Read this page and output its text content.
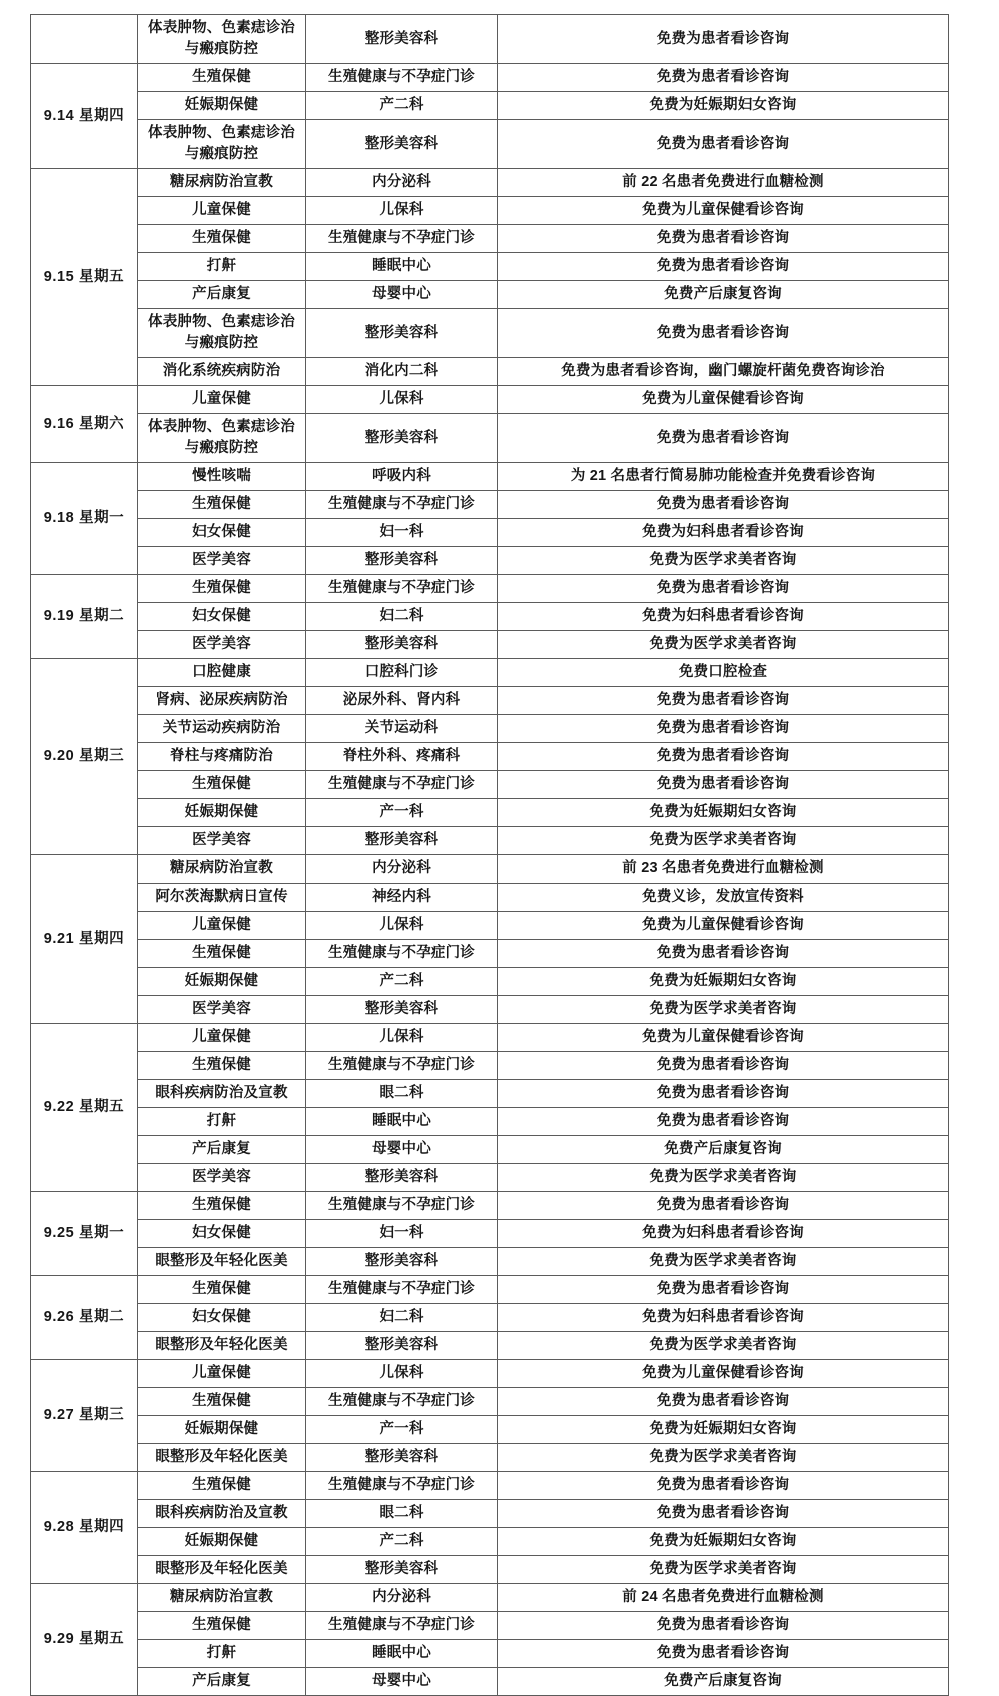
	体表肿物、色素痣诊治与瘢痕防控	整形美容科	免费为患者看诊咨询
9.14 星期四	生殖保健	生殖健康与不孕症门诊	免费为患者看诊咨询
	妊娠期保健	产二科	免费为妊娠期妇女咨询
	体表肿物、色素痣诊治与瘢痕防控	整形美容科	免费为患者看诊咨询
9.15 星期五	糖尿病防治宣教	内分泌科	前 22 名患者免费进行血糖检测
	儿童保健	儿保科	免费为儿童保健看诊咨询
	生殖保健	生殖健康与不孕症门诊	免费为患者看诊咨询
	打鼾	睡眠中心	免费为患者看诊咨询
	产后康复	母婴中心	免费产后康复咨询
	体表肿物、色素痣诊治与瘢痕防控	整形美容科	免费为患者看诊咨询
	消化系统疾病防治	消化内二科	免费为患者看诊咨询，幽门螺旋杆菌免费咨询诊治
9.16 星期六	儿童保健	儿保科	免费为儿童保健看诊咨询
	体表肿物、色素痣诊治与瘢痕防控	整形美容科	免费为患者看诊咨询
9.18 星期一	慢性咳喘	呼吸内科	为 21 名患者行简易肺功能检查并免费看诊咨询
	生殖保健	生殖健康与不孕症门诊	免费为患者看诊咨询
	妇女保健	妇一科	免费为妇科患者看诊咨询
	医学美容	整形美容科	免费为医学求美者咨询
9.19 星期二	生殖保健	生殖健康与不孕症门诊	免费为患者看诊咨询
	妇女保健	妇二科	免费为妇科患者看诊咨询
	医学美容	整形美容科	免费为医学求美者咨询
9.20 星期三	口腔健康	口腔科门诊	免费口腔检查
	肾病、泌尿疾病防治	泌尿外科、肾内科	免费为患者看诊咨询
	关节运动疾病防治	关节运动科	免费为患者看诊咨询
	脊柱与疼痛防治	脊柱外科、疼痛科	免费为患者看诊咨询
	生殖保健	生殖健康与不孕症门诊	免费为患者看诊咨询
	妊娠期保健	产一科	免费为妊娠期妇女咨询
	医学美容	整形美容科	免费为医学求美者咨询
9.21 星期四	糖尿病防治宣教	内分泌科	前 23 名患者免费进行血糖检测
	阿尔茨海默病日宣传	神经内科	免费义诊，发放宣传资料
	儿童保健	儿保科	免费为儿童保健看诊咨询
	生殖保健	生殖健康与不孕症门诊	免费为患者看诊咨询
	妊娠期保健	产二科	免费为妊娠期妇女咨询
	医学美容	整形美容科	免费为医学求美者咨询
9.22 星期五	儿童保健	儿保科	免费为儿童保健看诊咨询
	生殖保健	生殖健康与不孕症门诊	免费为患者看诊咨询
	眼科疾病防治及宣教	眼二科	免费为患者看诊咨询
	打鼾	睡眠中心	免费为患者看诊咨询
	产后康复	母婴中心	免费产后康复咨询
	医学美容	整形美容科	免费为医学求美者咨询
9.25 星期一	生殖保健	生殖健康与不孕症门诊	免费为患者看诊咨询
	妇女保健	妇一科	免费为妇科患者看诊咨询
	眼整形及年轻化医美	整形美容科	免费为医学求美者咨询
9.26 星期二	生殖保健	生殖健康与不孕症门诊	免费为患者看诊咨询
	妇女保健	妇二科	免费为妇科患者看诊咨询
	眼整形及年轻化医美	整形美容科	免费为医学求美者咨询
9.27 星期三	儿童保健	儿保科	免费为儿童保健看诊咨询
	生殖保健	生殖健康与不孕症门诊	免费为患者看诊咨询
	妊娠期保健	产一科	免费为妊娠期妇女咨询
	眼整形及年轻化医美	整形美容科	免费为医学求美者咨询
9.28 星期四	生殖保健	生殖健康与不孕症门诊	免费为患者看诊咨询
	眼科疾病防治及宣教	眼二科	免费为患者看诊咨询
	妊娠期保健	产二科	免费为妊娠期妇女咨询
	眼整形及年轻化医美	整形美容科	免费为医学求美者咨询
9.29 星期五	糖尿病防治宣教	内分泌科	前 24 名患者免费进行血糖检测
	生殖保健	生殖健康与不孕症门诊	免费为患者看诊咨询
	打鼾	睡眠中心	免费为患者看诊咨询
	产后康复	母婴中心	免费产后康复咨询
